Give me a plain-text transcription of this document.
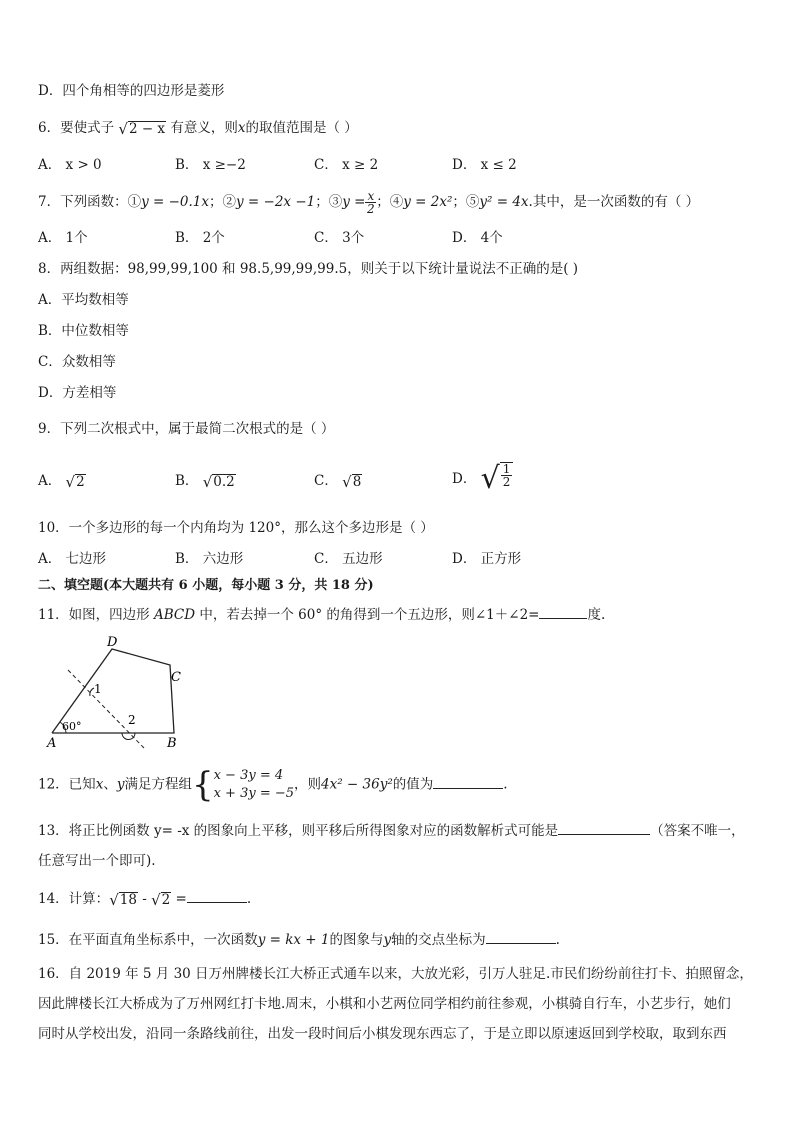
D．四个角相等的四边形是菱形
6．要使式子 √ 2 − x 有意义，则x的取值范围是（ ）
A． x > 0	B． x ≥−2	C． x ≥ 2	D． x ≤ 2
7．下列函数：①y = −0.1x；②y = −2x −1；③y = $\frac{x}{2}$ ；④y = 2x²；⑤y² = 4x.其中，是一次函数的有（ ）
A． 1个	B． 2个	C． 3个	D． 4个
8．两组数据：98,99,99,100 和 98.5,99,99,99.5，则关于以下统计量说法不正确的是( )
A．平均数相等
B．中位数相等
C．众数相等
D．方差相等
9．下列二次根式中，属于最简二次根式的是（ ）
A． √ 2	B． √ 0.2	C． √ 8	D． √ $\frac{1}{2}$
10．一个多边形的每一个内角均为 120°，那么这个多边形是（ ）
A． 七边形	B． 六边形	C． 五边形	D． 正方形
二、填空题(本大题共有 6 小题，每小题 3 分，共 18 分)
11．如图，四边形 ABCD 中，若去掉一个 60° 的角得到一个五边形，则∠1＋∠2=	度.
D
C
A	B
1
2
60°
12．已知x、y满足方程组 { x − 3y = 4
x + 3y = −5
，则4x² − 36y²的值为	.
13．将正比例函数 y= -x 的图象向上平移，则平移后所得图象对应的函数解析式可能是	（答案不唯一，
任意写出一个即可).
14．计算： √ 18 - √ 2 =	.
15．在平面直角坐标系中，一次函数y = kx + 1的图象与y轴的交点坐标为	.
16．自 2019 年 5 月 30 日万州牌楼长江大桥正式通车以来，大放光彩，引万人驻足.市民们纷纷前往打卡、拍照留念，
因此牌楼长江大桥成为了万州网红打卡地.周末，小棋和小艺两位同学相约前往参观，小棋骑自行车，小艺步行，她们
同时从学校出发，沿同一条路线前往，出发一段时间后小棋发现东西忘了，于是立即以原速返回到学校取，取到东西
